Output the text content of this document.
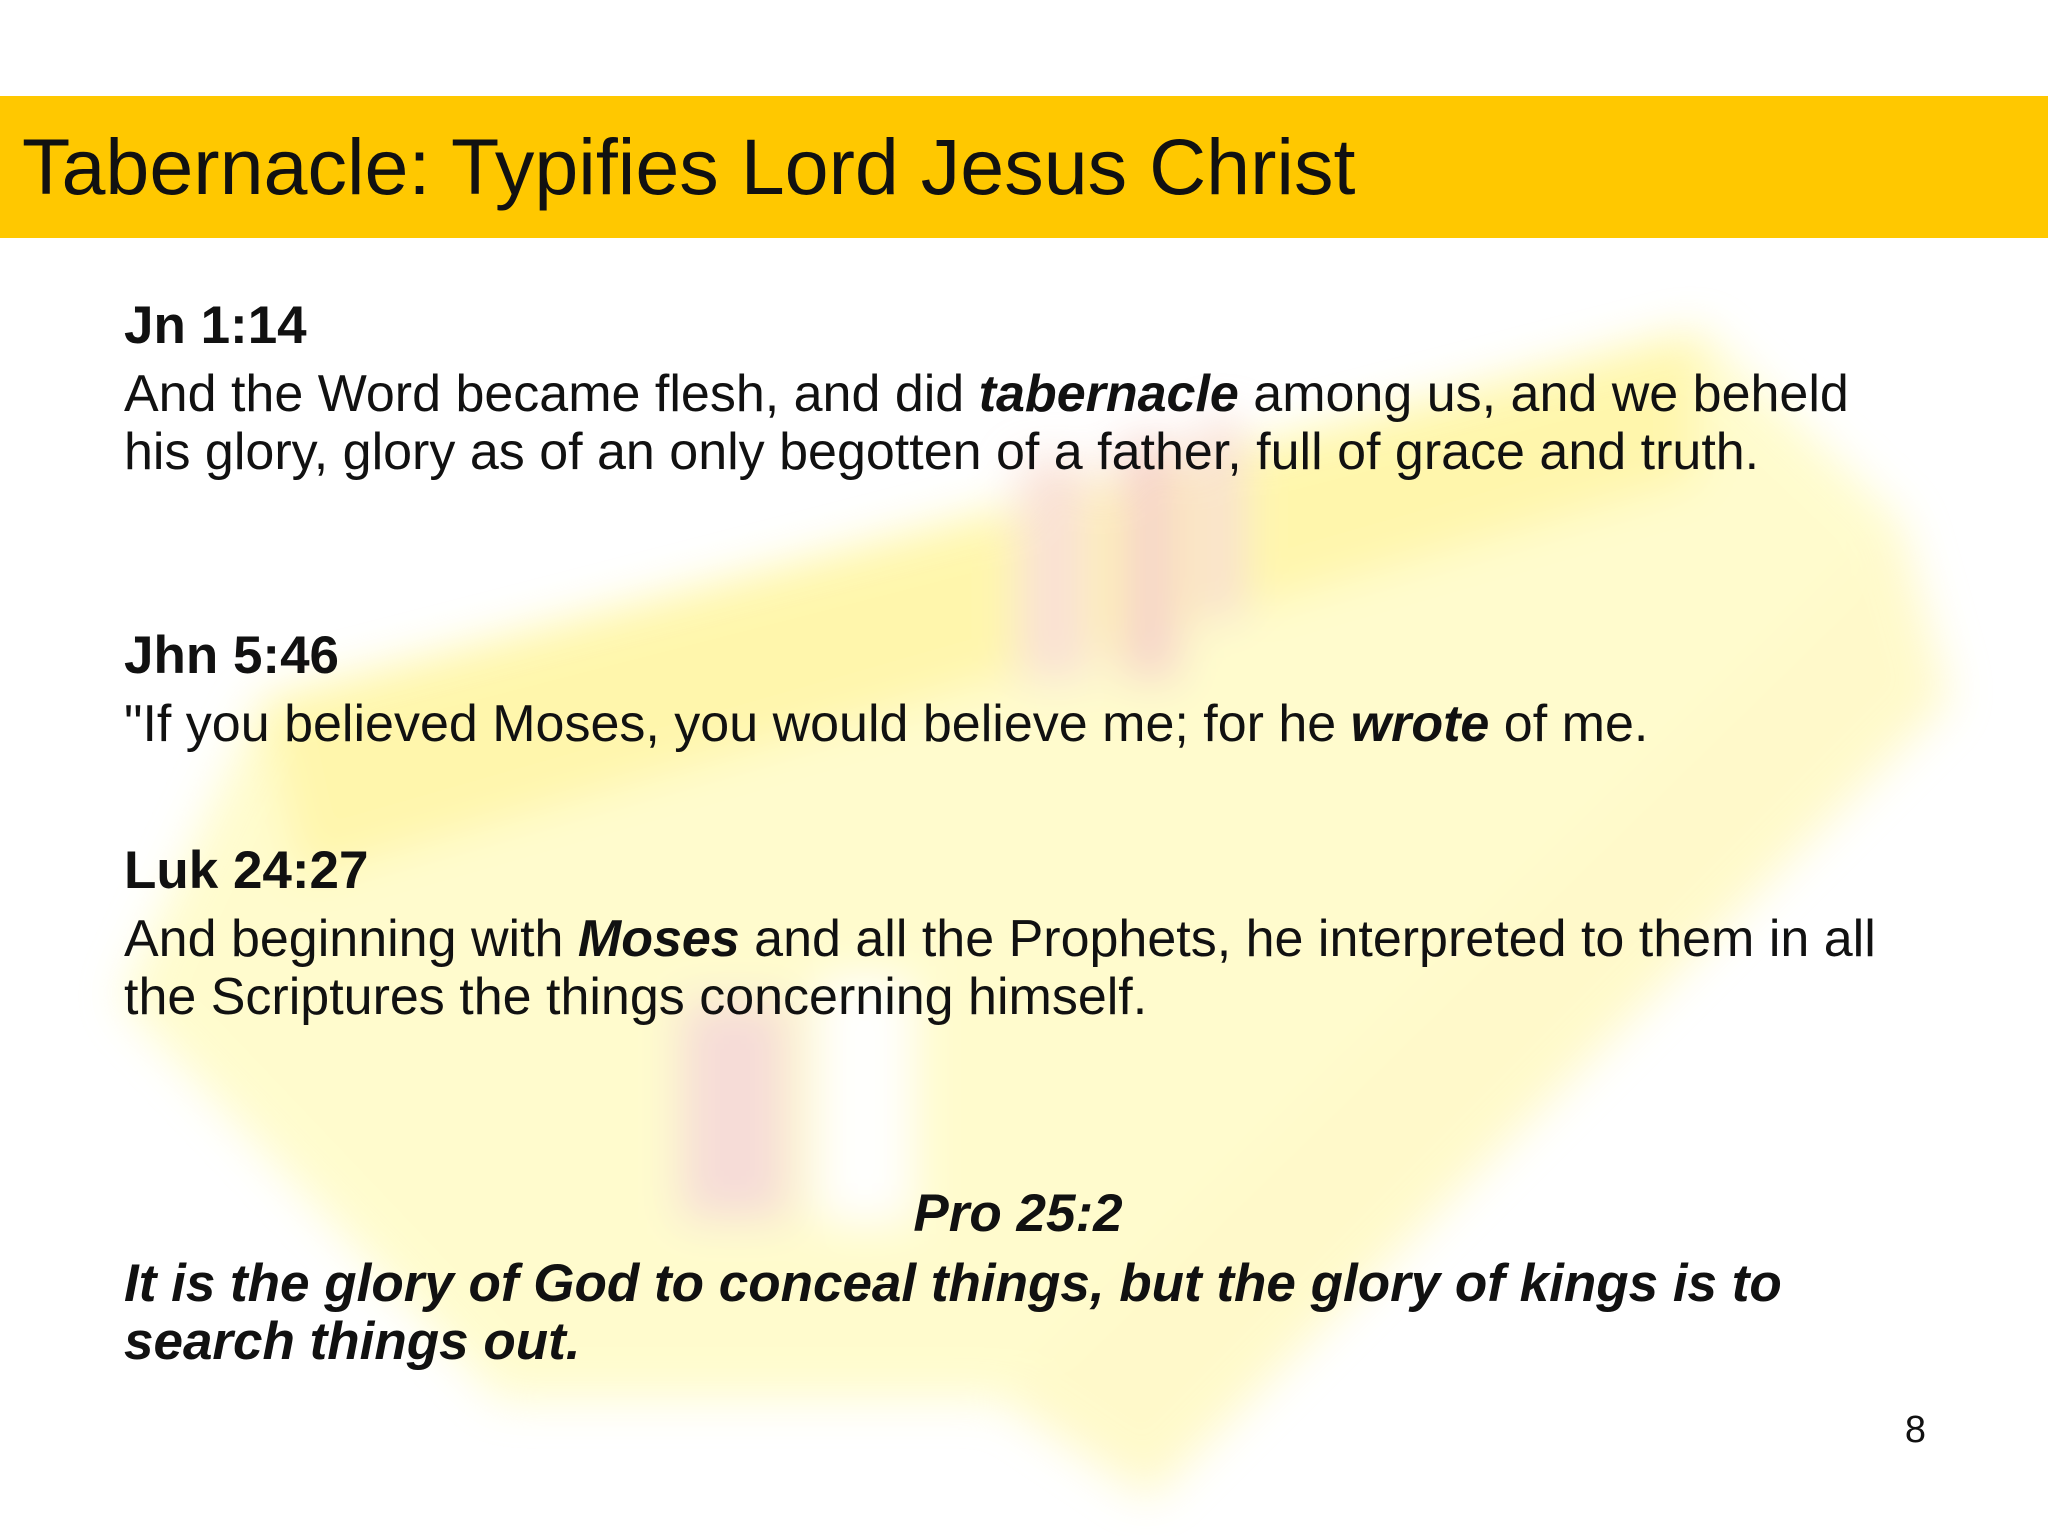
Tabernacle: Typifies Lord Jesus Christ

Jn 1:14

And the Word became flesh, and did tabernacle among us, and we beheld his glory, glory as of an only begotten of a father, full of grace and truth.

Jhn 5:46

"If you believed Moses, you would believe me; for he wrote of me.

Luk 24:27

And beginning with Moses and all the Prophets, he interpreted to them in all the Scriptures the things concerning himself.

Pro 25:2
It is the glory of God to conceal things, but the glory of kings is to search things out.
8
